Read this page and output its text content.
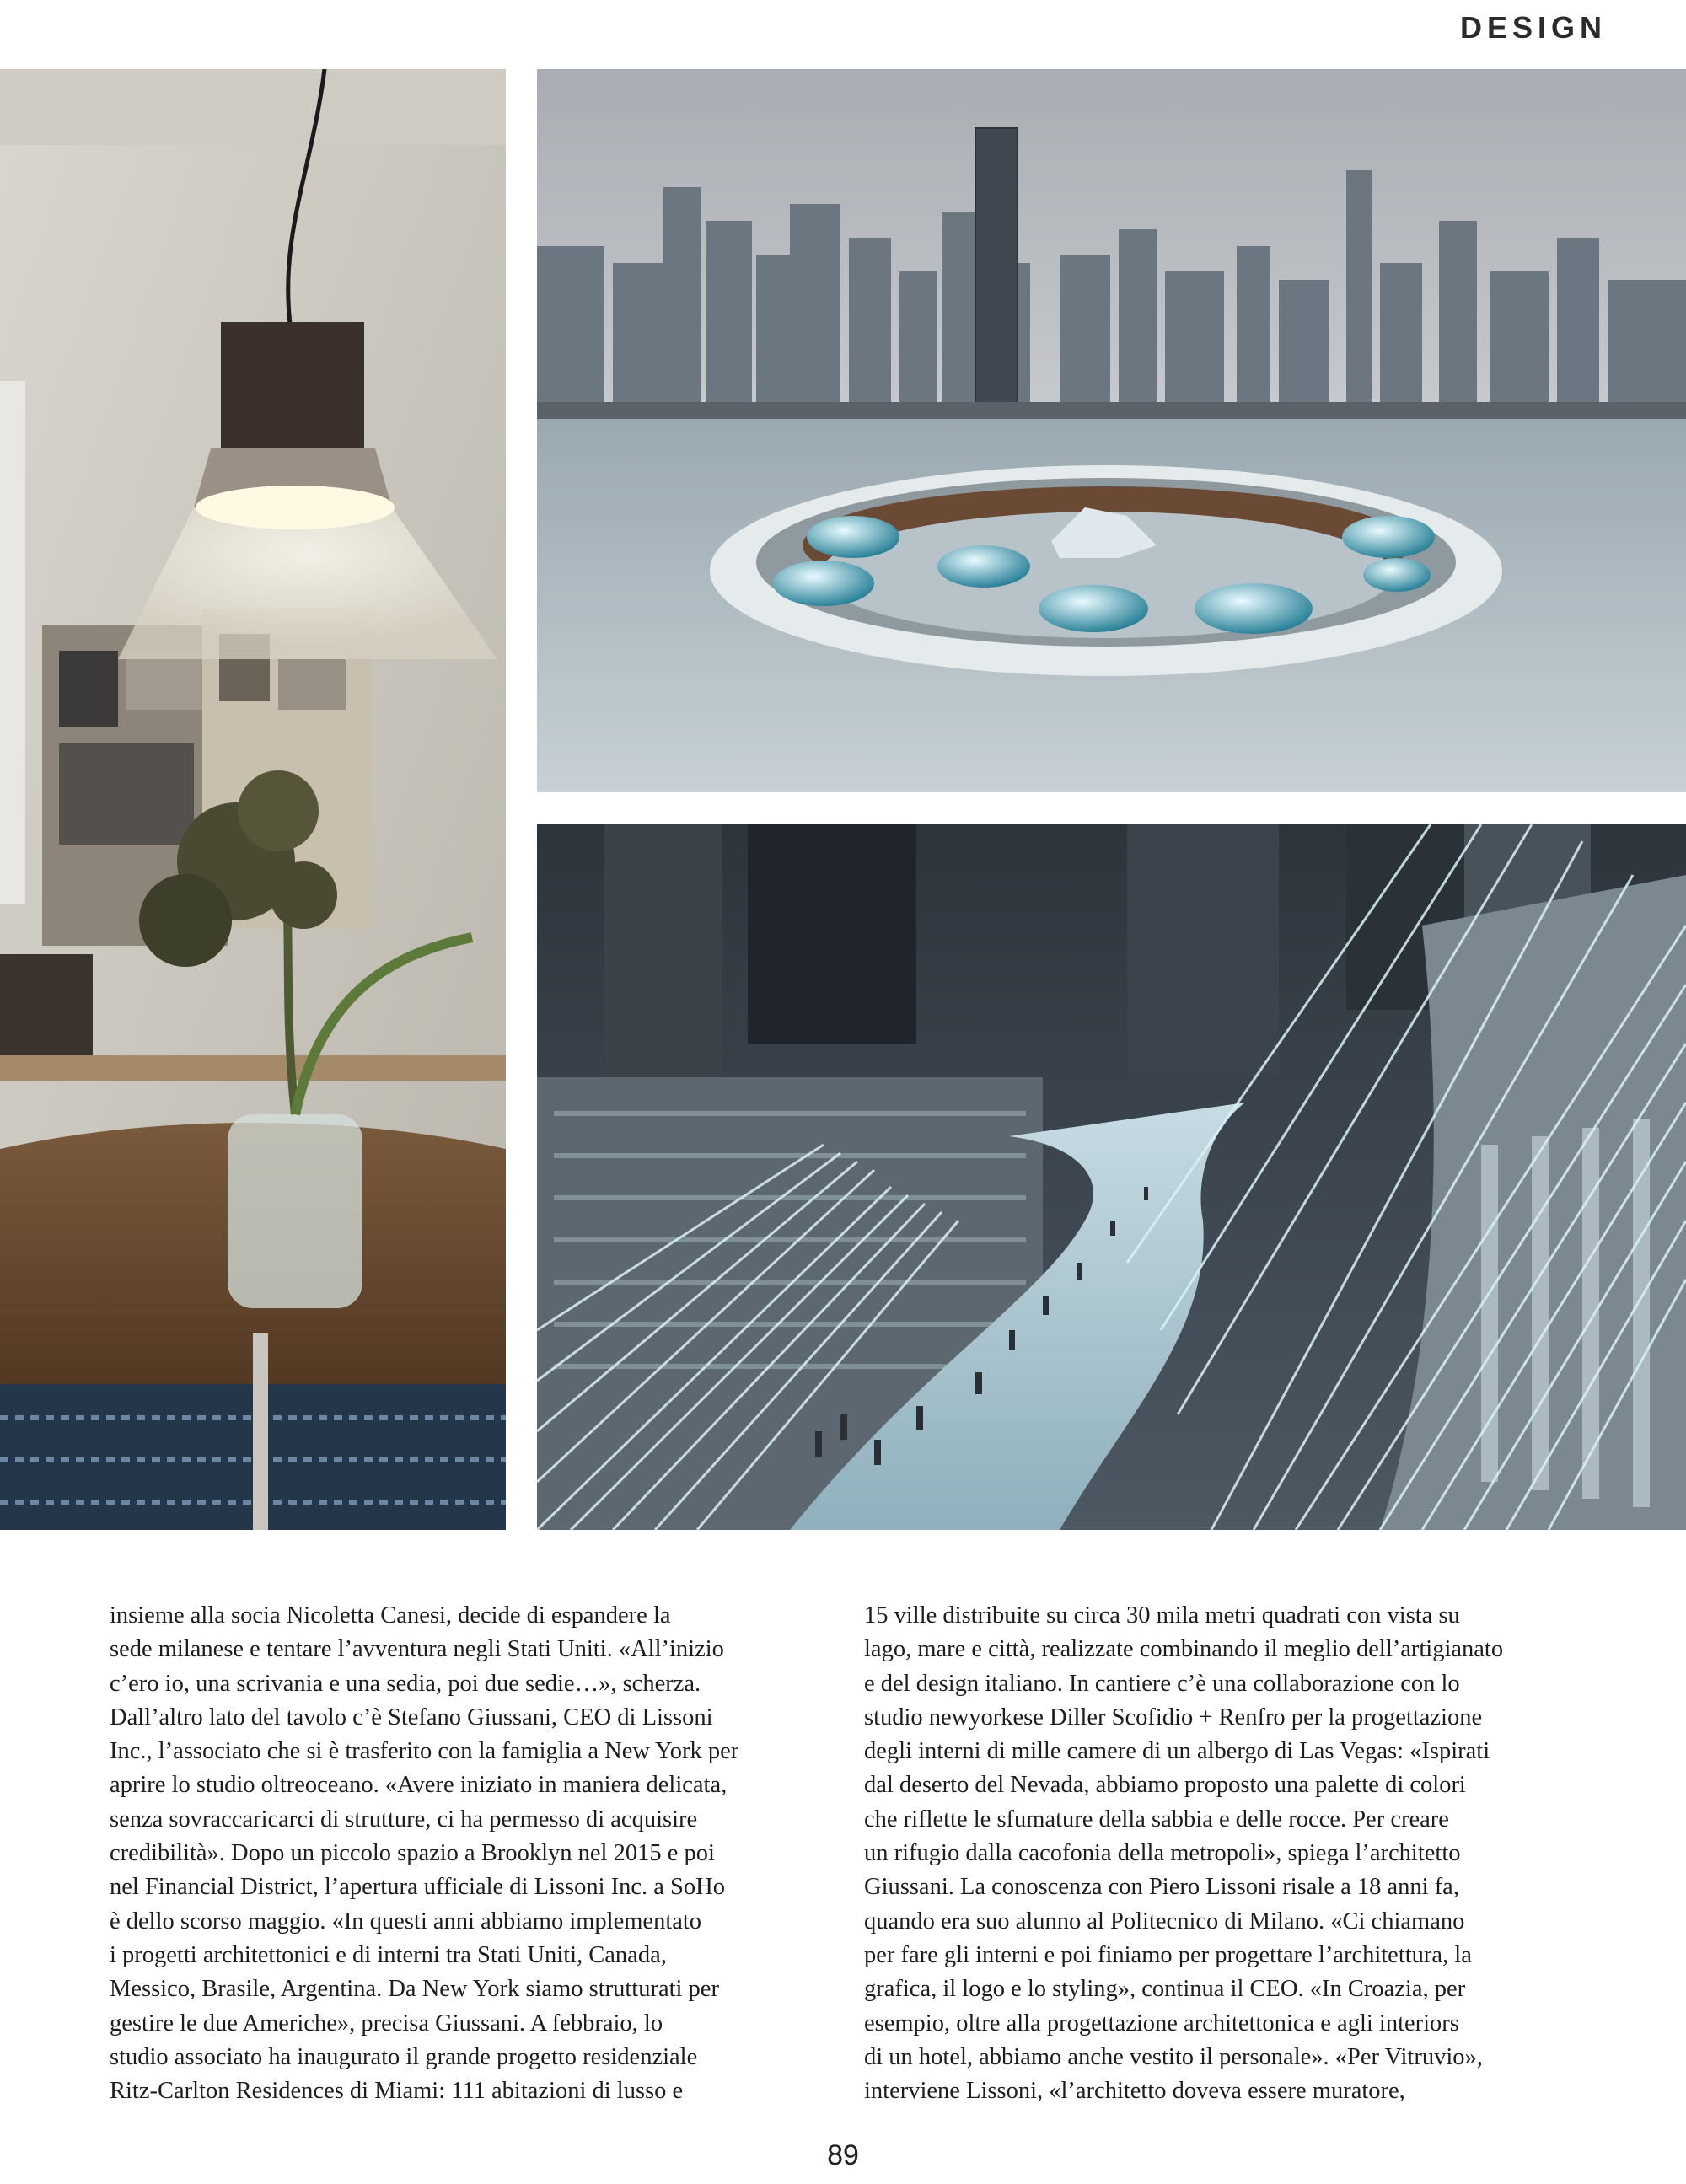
DESIGN
insieme alla socia Nicoletta Canesi, decide di espandere la
sede milanese e tentare l’avventura negli Stati Uniti. «All’inizio
c’ero io, una scrivania e una sedia, poi due sedie…», scherza.
Dall’altro lato del tavolo c’è Stefano Giussani, CEO di Lissoni
Inc., l’associato che si è trasferito con la famiglia a New York per
aprire lo studio oltreoceano. «Avere iniziato in maniera delicata,
senza sovraccaricarci di strutture, ci ha permesso di acquisire
credibilità». Dopo un piccolo spazio a Brooklyn nel 2015 e poi
nel Financial District, l’apertura ufficiale di Lissoni Inc. a SoHo
è dello scorso maggio. «In questi anni abbiamo implementato
i progetti architettonici e di interni tra Stati Uniti, Canada,
Messico, Brasile, Argentina. Da New York siamo strutturati per
gestire le due Americhe», precisa Giussani. A febbraio, lo
studio associato ha inaugurato il grande progetto residenziale
Ritz-Carlton Residences di Miami: 111 abitazioni di lusso e
15 ville distribuite su circa 30 mila metri quadrati con vista su
lago, mare e città, realizzate combinando il meglio dell’artigianato
e del design italiano. In cantiere c’è una collaborazione con lo
studio newyorkese Diller Scofidio + Renfro per la progettazione
degli interni di mille camere di un albergo di Las Vegas: «Ispirati
dal deserto del Nevada, abbiamo proposto una palette di colori
che riflette le sfumature della sabbia e delle rocce. Per creare
un rifugio dalla cacofonia della metropoli», spiega l’architetto
Giussani. La conoscenza con Piero Lissoni risale a 18 anni fa,
quando era suo alunno al Politecnico di Milano. «Ci chiamano
per fare gli interni e poi finiamo per progettare l’architettura, la
grafica, il logo e lo styling», continua il CEO. «In Croazia, per
esempio, oltre alla progettazione architettonica e agli interiors
di un hotel, abbiamo anche vestito il personale». «Per Vitruvio»,
interviene Lissoni, «l’architetto doveva essere muratore,
89
